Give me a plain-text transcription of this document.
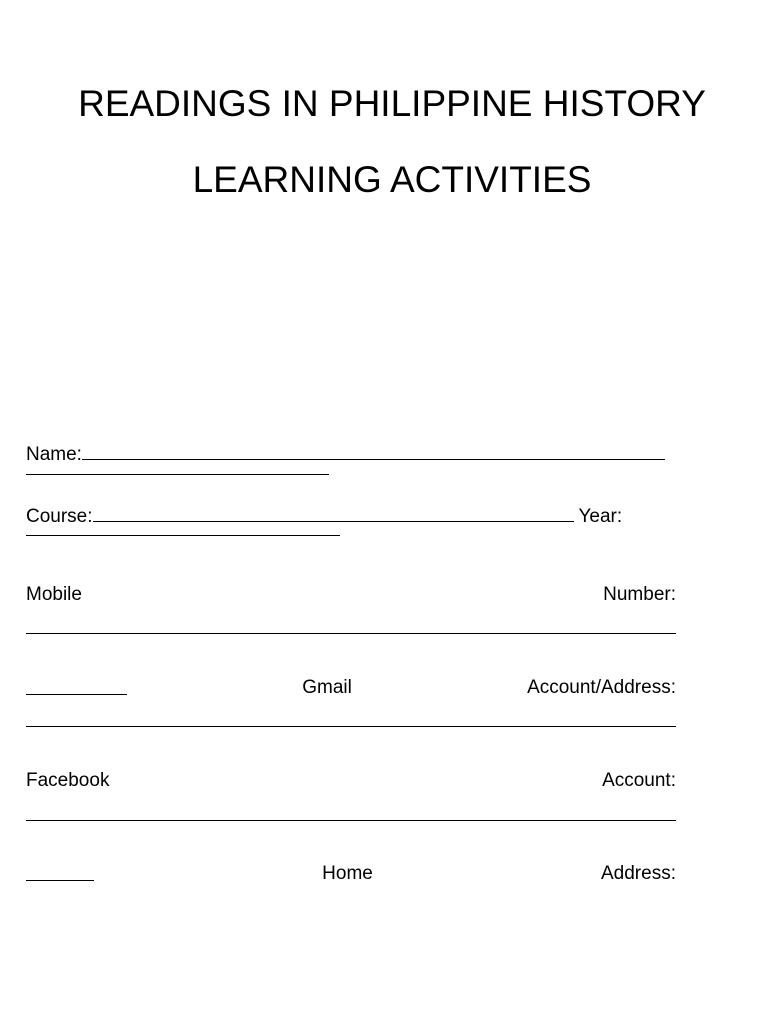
READINGS IN PHILIPPINE HISTORY
LEARNING ACTIVITIES
Name:
Course:	Year:
Mobile	Number:
Gmail	Account/Address:
Facebook	Account:
Home	Address:
